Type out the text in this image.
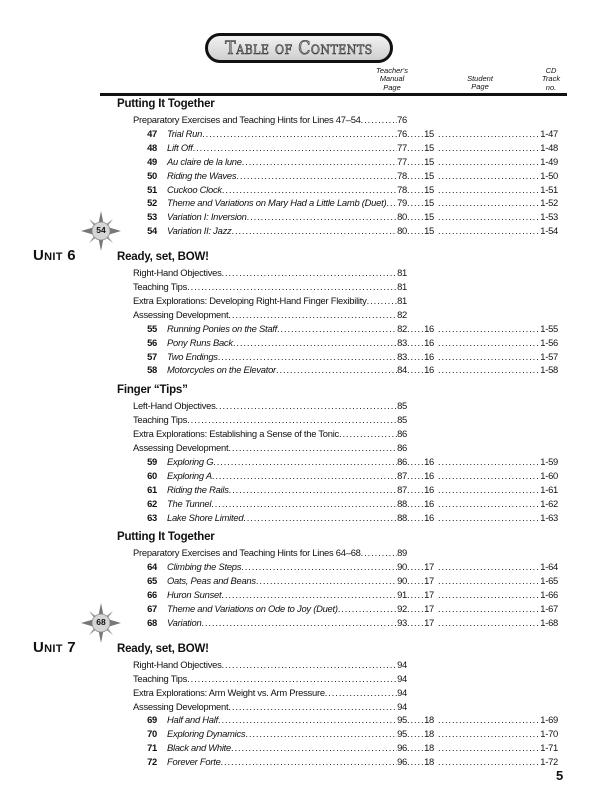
Table of Contents
Teacher's
Manual
Page
Student
Page
CD
Track
no.
Putting It Together
Preparatory Exercises and Teaching Hints for Lines 47–54 .....	76
47 Trial Run .....	76 ..... 15 .....	1-47
48 Lift Off .....	77 ..... 15 .....	1-48
49 Au claire de la lune .....	77 ..... 15 .....	1-49
50 Riding the Waves .....	78 ..... 15 .....	1-50
51 Cuckoo Clock .....	78 ..... 15 .....	1-51
52 Theme and Variations on Mary Had a Little Lamb (Duet) ..... 79 ..... 15 .....	1-52
53 Variation I: Inversion .....	80 ..... 15 .....	1-53
54 Variation II: Jazz .....	80 ..... 15 .....	1-54
54
Ready, set, BOW!
Unit 6
Right-Hand Objectives .....	81
Teaching Tips .....	81
Extra Explorations: Developing Right-Hand Finger Flexibility .....	81
Assessing Development .....	82
55 Running Ponies on the Staff .....	82 ..... 16 .....	1-55
56 Pony Runs Back .....	83 ..... 16 .....	1-56
57 Two Endings .....	83 ..... 16 .....	1-57
58 Motorcycles on the Elevator .....	84 ..... 16 .....	1-58
Finger “Tips”
Left-Hand Objectives .....	85
Teaching Tips .....	85
Extra Explorations: Establishing a Sense of the Tonic .....	86
Assessing Development .....	86
59 Exploring G .....	86 ..... 16 .....	1-59
60 Exploring A .....	87 ..... 16 .....	1-60
61 Riding the Rails .....	87 ..... 16 .....	1-61
62 The Tunnel .....	88 ..... 16 .....	1-62
63 Lake Shore Limited .....	88 ..... 16 .....	1-63
Putting It Together
Preparatory Exercises and Teaching Hints for Lines 64–68 .....	89
64 Climbing the Steps .....	90 ..... 17 .....	1-64
65 Oats, Peas and Beans .....	90 ..... 17 .....	1-65
66 Huron Sunset .....	91 ..... 17 .....	1-66
67 Theme and Variations on Ode to Joy (Duet) .....	92 ..... 17 .....	1-67
68 Variation .....	93 ..... 17 .....	1-68
68
Ready, set, BOW!
Unit 7
Right-Hand Objectives .....	94
Teaching Tips .....	94
Extra Explorations: Arm Weight vs. Arm Pressure .....	94
Assessing Development .....	94
69 Half and Half .....	95 ..... 18 .....	1-69
70 Exploring Dynamics .....	95 ..... 18 .....	1-70
71 Black and White .....	96 ..... 18 .....	1-71
72 Forever Forte .....	96 ..... 18 .....	1-72
5
